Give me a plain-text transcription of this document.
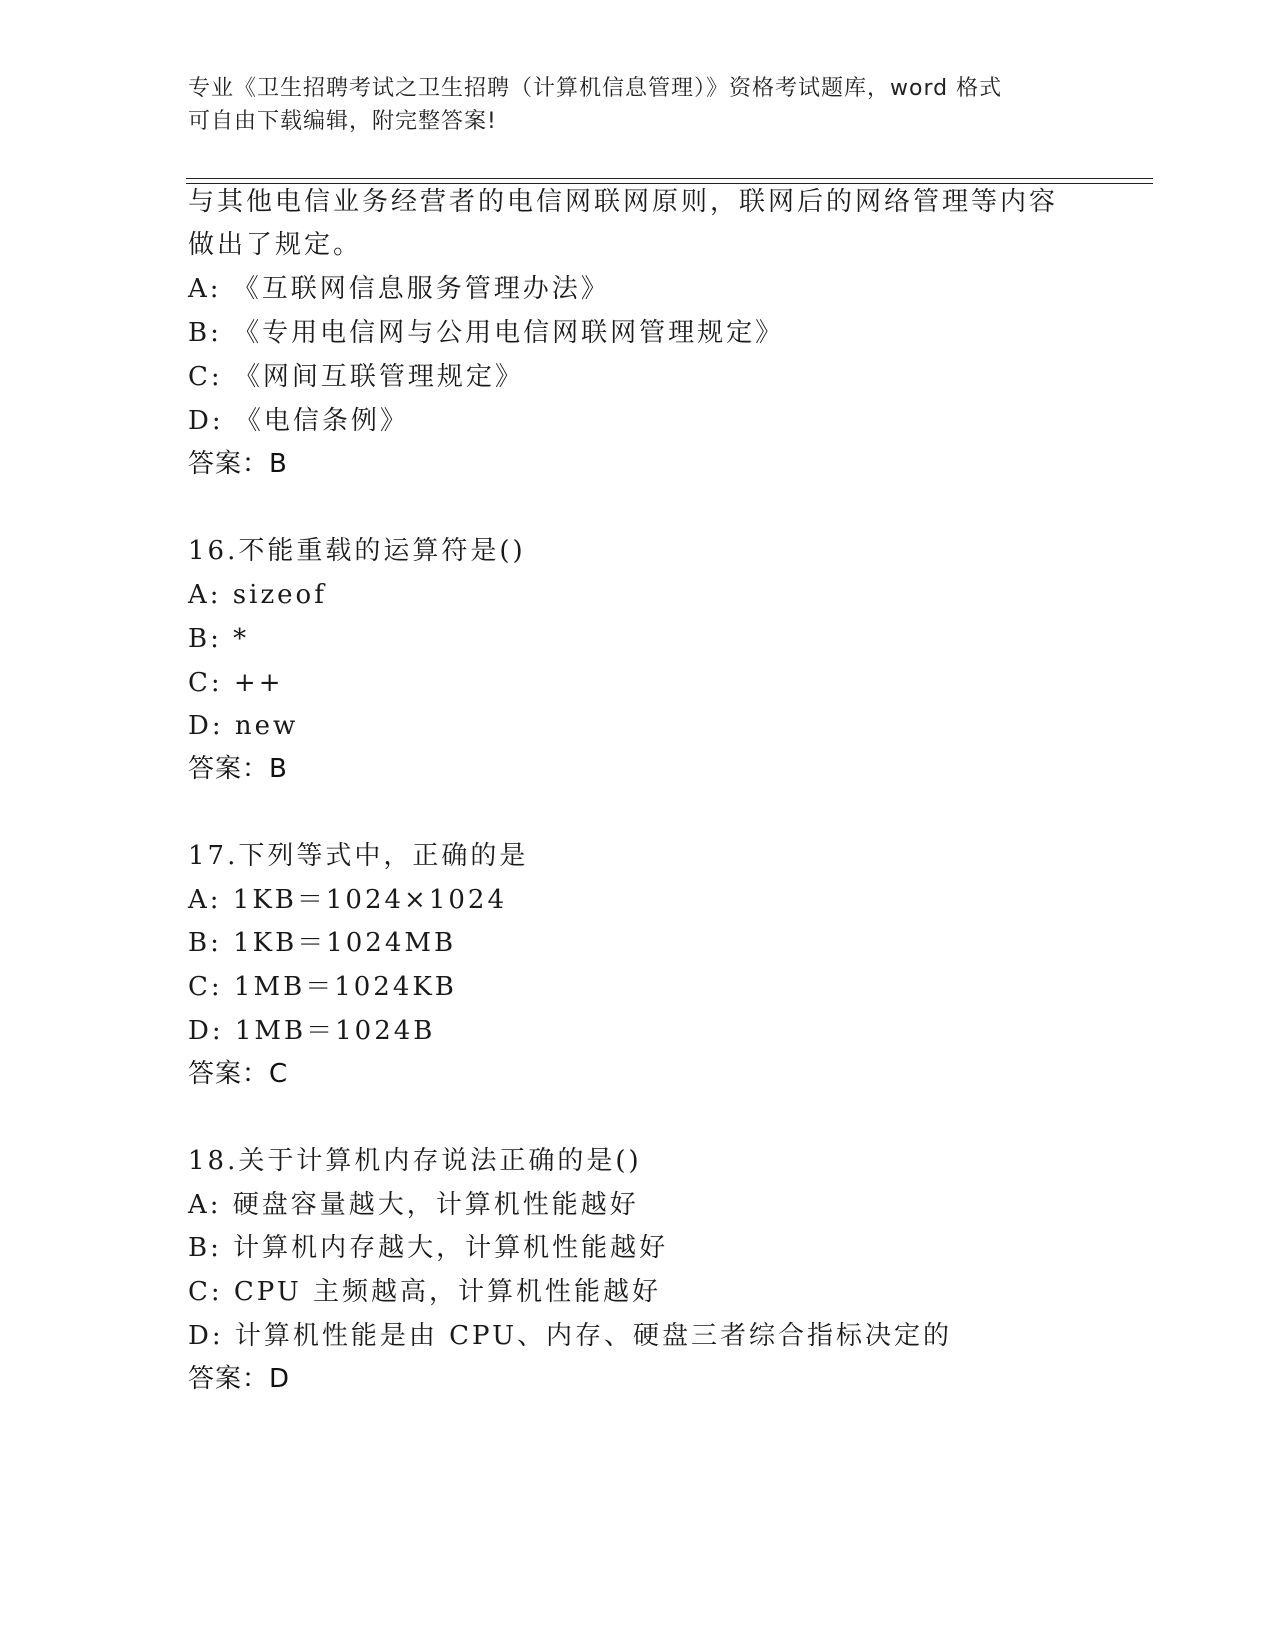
专业《卫生招聘考试之卫生招聘（计算机信息管理）》资格考试题库，word 格式
可自由下载编辑，附完整答案!
与其他电信业务经营者的电信网联网原则，联网后的网络管理等内容
做出了规定。
A: 《互联网信息服务管理办法》
B: 《专用电信网与公用电信网联网管理规定》
C: 《网间互联管理规定》
D: 《电信条例》
答案：B
16.不能重载的运算符是()
A: sizeof
B: *
C: ++
D: new
答案：B
17.下列等式中，正确的是
A: 1KB＝1024×1024
B: 1KB＝1024MB
C: 1MB＝1024KB
D: 1MB＝1024B
答案：C
18.关于计算机内存说法正确的是()
A: 硬盘容量越大，计算机性能越好
B: 计算机内存越大，计算机性能越好
C: CPU 主频越高，计算机性能越好
D: 计算机性能是由 CPU、内存、硬盘三者综合指标决定的
答案：D
